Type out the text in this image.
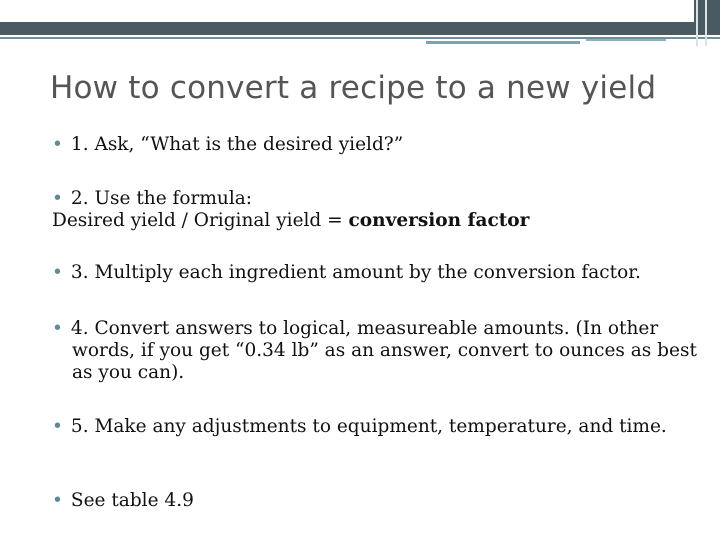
How to convert a recipe to a new yield
• 1. Ask, “What is the desired yield?”
• 2. Use the formula:
Desired yield / Original yield = conversion factor
• 3. Multiply each ingredient amount by the conversion factor.
• 4. Convert answers to logical, measureable amounts. (In other words, if you get “0.34 lb” as an answer, convert to ounces as best as you can).
• 5. Make any adjustments to equipment, temperature, and time.
• See table 4.9
